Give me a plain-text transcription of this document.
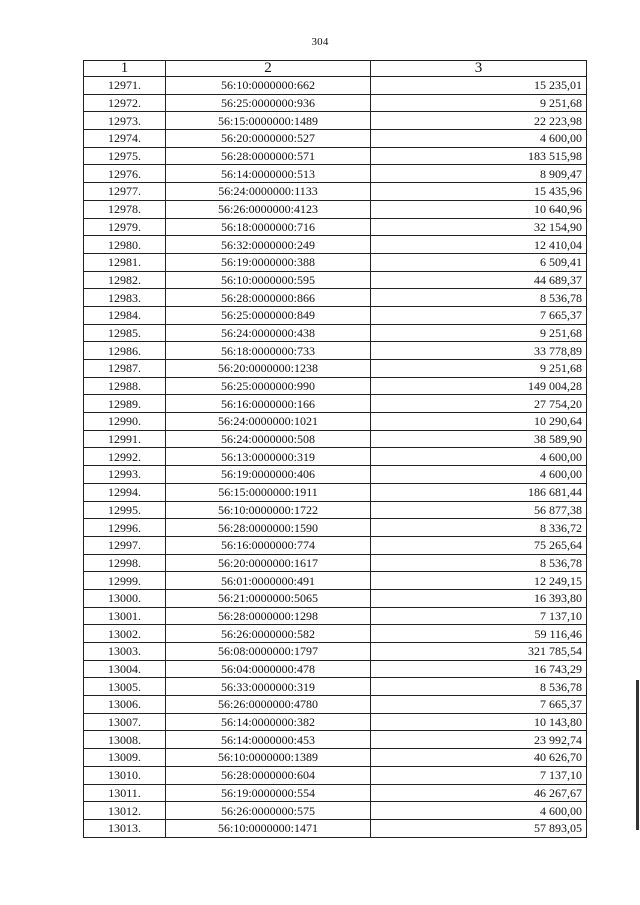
304
1	2	3
12971.	56:10:0000000:662	15 235,01
12972.	56:25:0000000:936	9 251,68
12973.	56:15:0000000:1489	22 223,98
12974.	56:20:0000000:527	4 600,00
12975.	56:28:0000000:571	183 515,98
12976.	56:14:0000000:513	8 909,47
12977.	56:24:0000000:1133	15 435,96
12978.	56:26:0000000:4123	10 640,96
12979.	56:18:0000000:716	32 154,90
12980.	56:32:0000000:249	12 410,04
12981.	56:19:0000000:388	6 509,41
12982.	56:10:0000000:595	44 689,37
12983.	56:28:0000000:866	8 536,78
12984.	56:25:0000000:849	7 665,37
12985.	56:24:0000000:438	9 251,68
12986.	56:18:0000000:733	33 778,89
12987.	56:20:0000000:1238	9 251,68
12988.	56:25:0000000:990	149 004,28
12989.	56:16:0000000:166	27 754,20
12990.	56:24:0000000:1021	10 290,64
12991.	56:24:0000000:508	38 589,90
12992.	56:13:0000000:319	4 600,00
12993.	56:19:0000000:406	4 600,00
12994.	56:15:0000000:1911	186 681,44
12995.	56:10:0000000:1722	56 877,38
12996.	56:28:0000000:1590	8 336,72
12997.	56:16:0000000:774	75 265,64
12998.	56:20:0000000:1617	8 536,78
12999.	56:01:0000000:491	12 249,15
13000.	56:21:0000000:5065	16 393,80
13001.	56:28:0000000:1298	7 137,10
13002.	56:26:0000000:582	59 116,46
13003.	56:08:0000000:1797	321 785,54
13004.	56:04:0000000:478	16 743,29
13005.	56:33:0000000:319	8 536,78
13006.	56:26:0000000:4780	7 665,37
13007.	56:14:0000000:382	10 143,80
13008.	56:14:0000000:453	23 992,74
13009.	56:10:0000000:1389	40 626,70
13010.	56:28:0000000:604	7 137,10
13011.	56:19:0000000:554	46 267,67
13012.	56:26:0000000:575	4 600,00
13013.	56:10:0000000:1471	57 893,05
